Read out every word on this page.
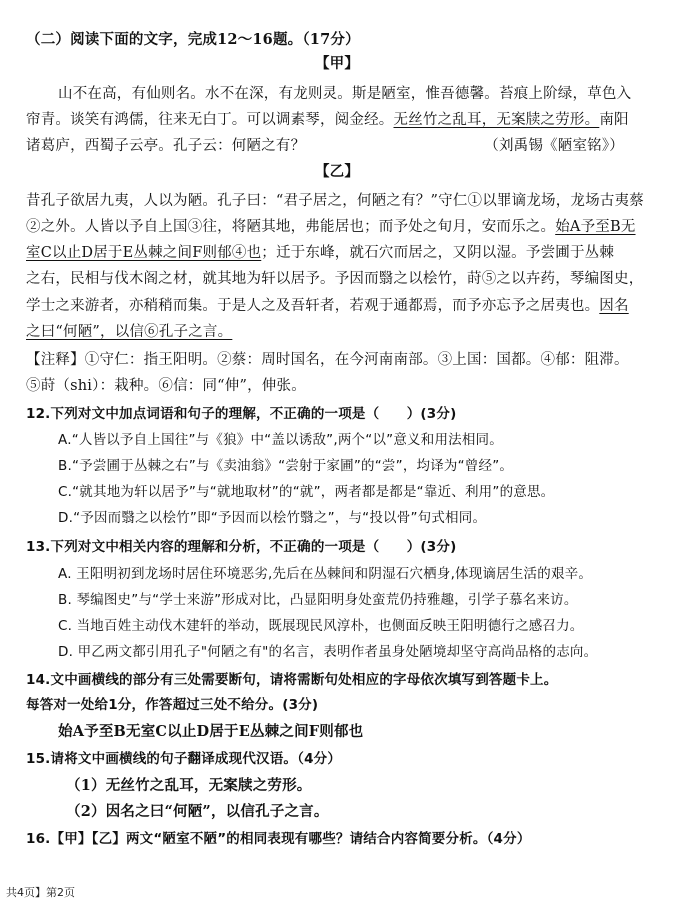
（二）阅读下面的文字，完成12～16题。（17分）
【甲】
山不在高，有仙则名。水不在深，有龙则灵。斯是陋室，惟吾德馨。苔痕上阶绿，草色入
帘青。谈笑有鸿儒，往来无白丁。可以调素琴，阅金经。无丝竹之乱耳，无案牍之劳形。南阳
诸葛庐，西蜀子云亭。孔子云：何陋之有？	（刘禹锡《陋室铭》）
【乙】
昔孔子欲居九夷，人以为陋。孔子曰：“君子居之，何陋之有？”守仁①以罪谪龙场，龙场古夷蔡
②之外。人皆以予自上国③往，将陋其地，弗能居也；而予处之旬月，安而乐之。始A予至B无
室C以止D居于E丛棘之间F则郁④也；迁于东峰，就石穴而居之，又阴以湿。予尝圃于丛棘
之右，民相与伐木阁之材，就其地为轩以居予。予因而翳之以桧竹，莳⑤之以卉药，琴编图史，
学士之来游者，亦稍稍而集。于是人之及吾轩者，若观于通都焉，而予亦忘予之居夷也。因名
之曰“何陋”，以信⑥孔子之言。
【注释】①守仁：指王阳明。②蔡：周时国名，在今河南南部。③上国：国都。④郁：阻滞。
⑤莳（shi）：栽种。⑥信：同“伸”，伸张。
12.下列对文中加点词语和句子的理解，不正确的一项是（　　）(3分)
A.“人皆以予自上国往”与《狼》中“盖以诱敌”,两个“以”意义和用法相同。
B.“予尝圃于丛棘之右”与《卖油翁》“尝射于家圃”的“尝”，均译为“曾经”。
C.“就其地为轩以居予”与“就地取材”的“就”，两者都是都是“靠近、利用”的意思。
D.“予因而翳之以桧竹”即“予因而以桧竹翳之”，与“投以骨”句式相同。
13.下列对文中相关内容的理解和分析，不正确的一项是（　　）(3分)
A. 王阳明初到龙场时居住环境恶劣,先后在丛棘间和阴湿石穴栖身,体现谪居生活的艰辛。
B. 琴编图史”与“学士来游”形成对比，凸显阳明身处蛮荒仍持雅趣，引学子慕名来访。
C. 当地百姓主动伐木建轩的举动，既展现民风淳朴，也侧面反映王阳明德行之感召力。
D. 甲乙两文都引用孔子"何陋之有"的名言，表明作者虽身处陋境却坚守高尚品格的志向。
14.文中画横线的部分有三处需要断句，请将需断句处相应的字母依次填写到答题卡上。
每答对一处给1分，作答超过三处不给分。(3分)
始A予至B无室C以止D居于E丛棘之间F则郁也
15.请将文中画横线的句子翻译成现代汉语。（4分）
（1）无丝竹之乱耳，无案牍之劳形。
（2）因名之曰“何陋”，以信孔子之言。
16.【甲】【乙】两文“陋室不陋”的相同表现有哪些？请结合内容简要分析。（4分）
共4页】第2页
